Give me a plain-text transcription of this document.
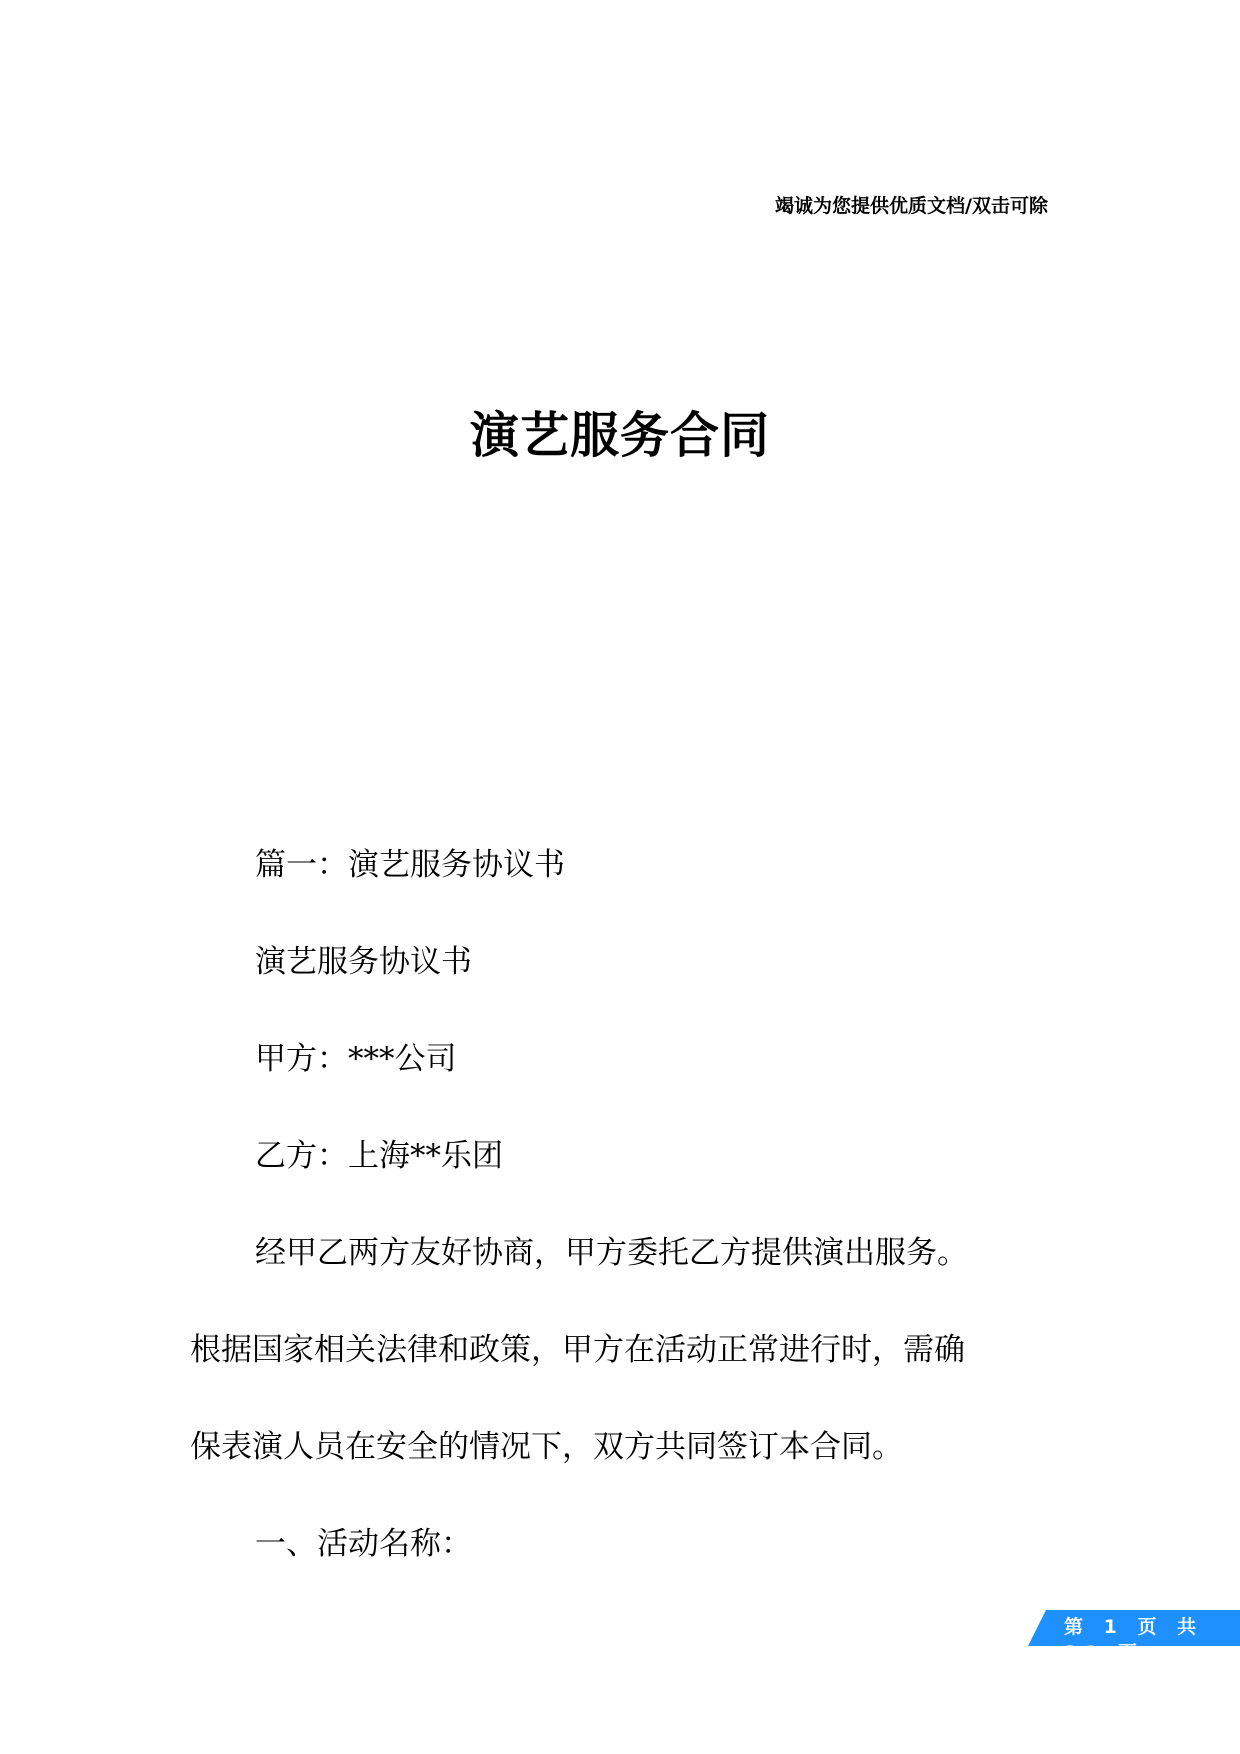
竭诚为您提供优质文档/双击可除
演艺服务合同
篇一：演艺服务协议书
演艺服务协议书
甲方：***公司
乙方：上海**乐团
经甲乙两方友好协商，甲方委托乙方提供演出服务。
根据国家相关法律和政策，甲方在活动正常进行时，需确
保表演人员在安全的情况下，双方共同签订本合同。
一、活动名称：
第 1 页 共
21 页
